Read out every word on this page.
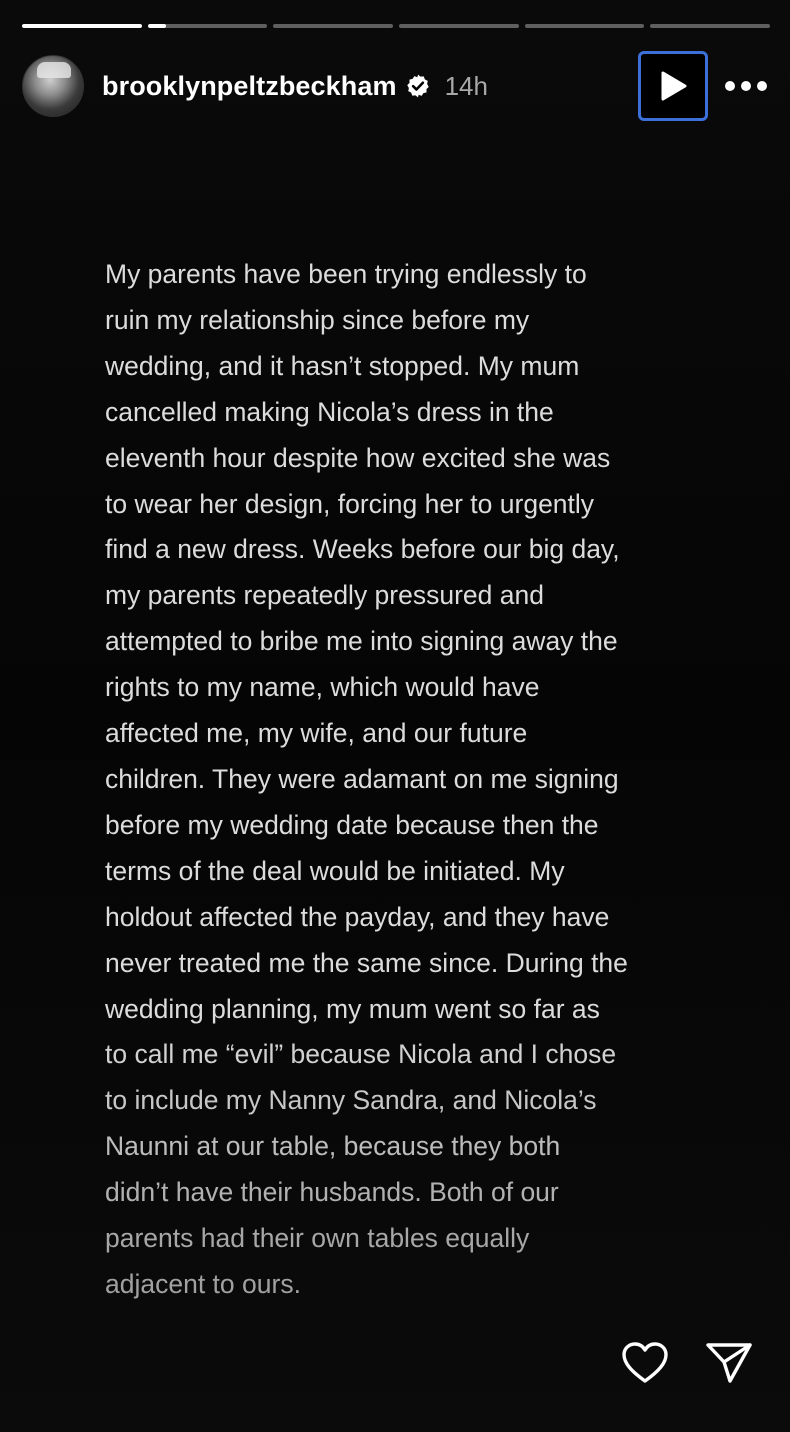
brooklynpeltzbeckham 14h
My parents have been trying endlessly to
ruin my relationship since before my
wedding, and it hasn’t stopped. My mum
cancelled making Nicola’s dress in the
eleventh hour despite how excited she was
to wear her design, forcing her to urgently
find a new dress. Weeks before our big day,
my parents repeatedly pressured and
attempted to bribe me into signing away the
rights to my name, which would have
affected me, my wife, and our future
children. They were adamant on me signing
before my wedding date because then the
terms of the deal would be initiated. My
holdout affected the payday, and they have
never treated me the same since. During the
wedding planning, my mum went so far as
to call me “evil” because Nicola and I chose
to include my Nanny Sandra, and Nicola’s
Naunni at our table, because they both
didn’t have their husbands. Both of our
parents had their own tables equally
adjacent to ours.
